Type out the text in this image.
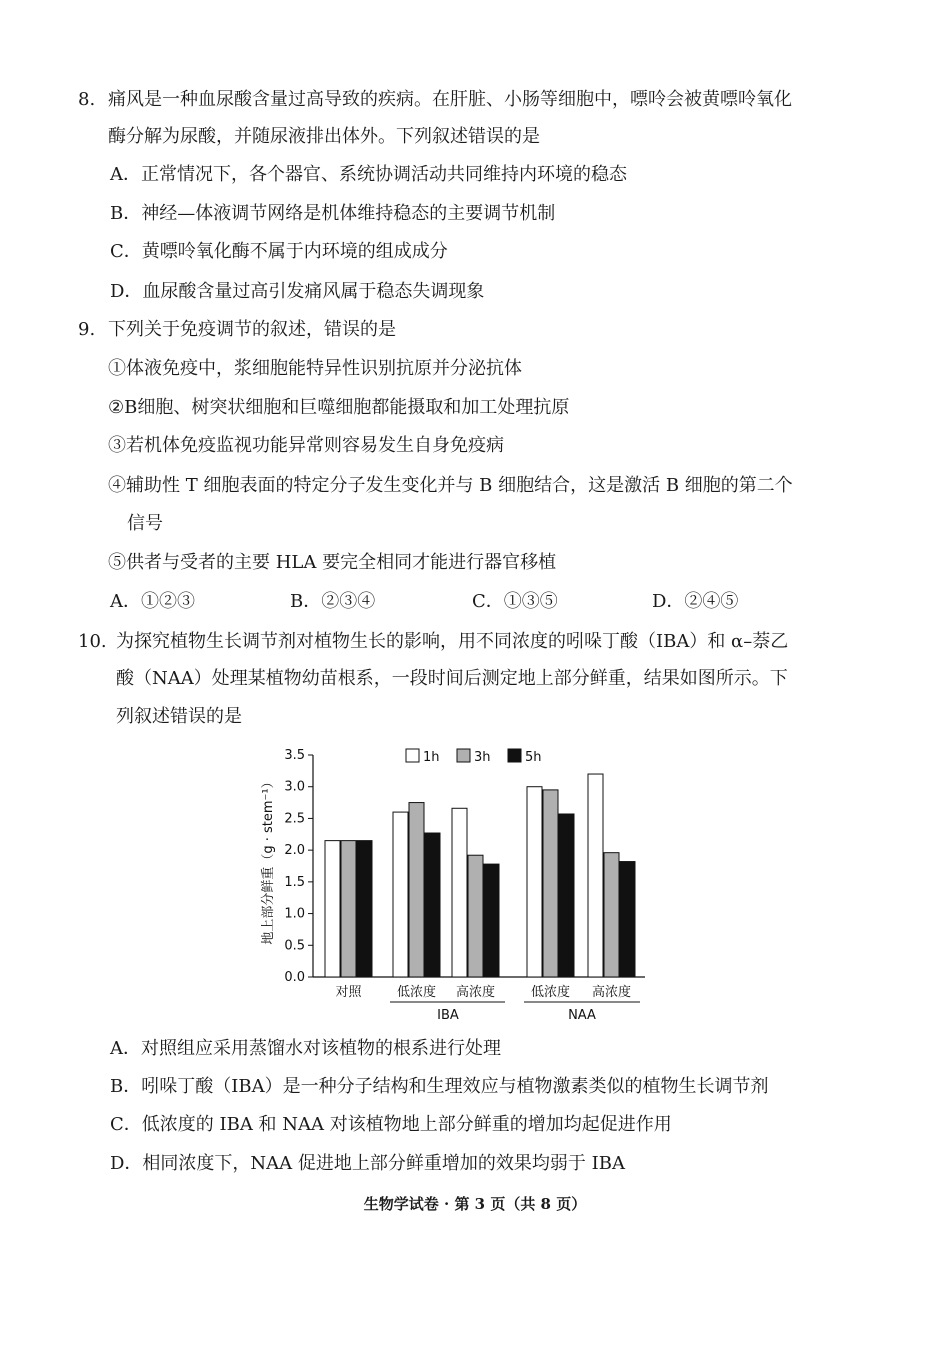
8. 痛风是一种血尿酸含量过高导致的疾病。在肝脏、小肠等细胞中，嘌呤会被黄嘌呤氧化
酶分解为尿酸，并随尿液排出体外。下列叙述错误的是
A．正常情况下，各个器官、系统协调活动共同维持内环境的稳态
B．神经—体液调节网络是机体维持稳态的主要调节机制
C．黄嘌呤氧化酶不属于内环境的组成成分
D．血尿酸含量过高引发痛风属于稳态失调现象
9. 下列关于免疫调节的叙述，错误的是
①体液免疫中，浆细胞能特异性识别抗原并分泌抗体
②B细胞、树突状细胞和巨噬细胞都能摄取和加工处理抗原
③若机体免疫监视功能异常则容易发生自身免疫病
④辅助性 T 细胞表面的特定分子发生变化并与 B 细胞结合，这是激活 B 细胞的第二个
信号
⑤供者与受者的主要 HLA 要完全相同才能进行器官移植
A．①②③	B．②③④	C．①③⑤	D．②④⑤
10. 为探究植物生长调节剂对植物生长的影响，用不同浓度的吲哚丁酸（IBA）和 α–萘乙
酸（NAA）处理某植物幼苗根系，一段时间后测定地上部分鲜重，结果如图所示。下
列叙述错误的是
0.0
0.5
1.0
1.5
2.0
2.5
3.0
3.5
对照	低浓度 高浓度	低浓度 高浓度
1h	3h	5h
地上部分鲜重（g · stem⁻¹）
IBA	NAA
A．对照组应采用蒸馏水对该植物的根系进行处理
B．吲哚丁酸（IBA）是一种分子结构和生理效应与植物激素类似的植物生长调节剂
C．低浓度的 IBA 和 NAA 对该植物地上部分鲜重的增加均起促进作用
D．相同浓度下，NAA 促进地上部分鲜重增加的效果均弱于 IBA
生物学试卷 · 第 3 页（共 8 页）
